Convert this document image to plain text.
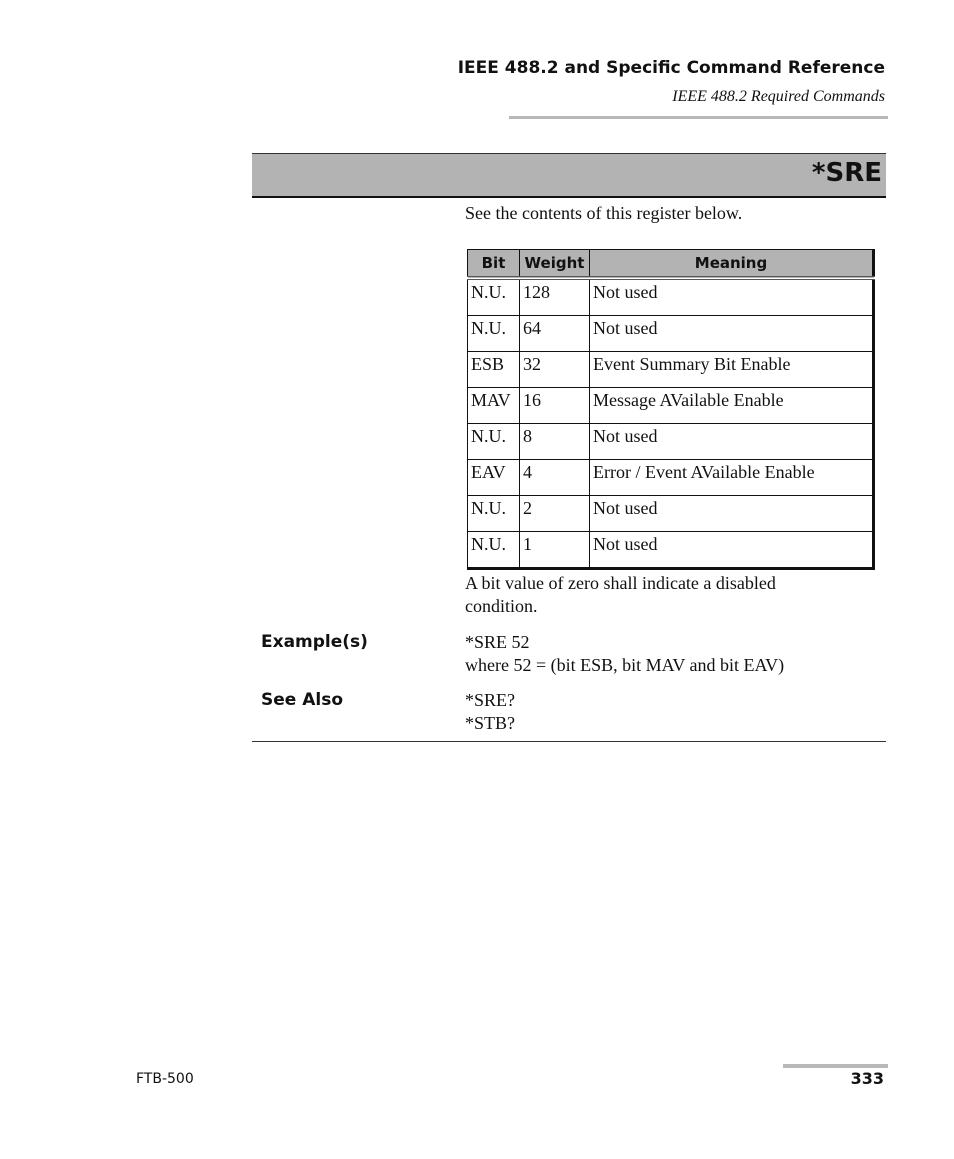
IEEE 488.2 and Specific Command Reference
IEEE 488.2 Required Commands
*SRE
See the contents of this register below.
Bit	Weight	Meaning
N.U.	128	Not used
N.U.	64	Not used
ESB	32	Event Summary Bit Enable
MAV	16	Message AVailable Enable
N.U.	8	Not used
EAV	4	Error / Event AVailable Enable
N.U.	2	Not used
N.U.	1	Not used
A bit value of zero shall indicate a disabled
condition.
Example(s)	*SRE 52
where 52 = (bit ESB, bit MAV and bit EAV)
See Also	*SRE?
*STB?
FTB-500	333
